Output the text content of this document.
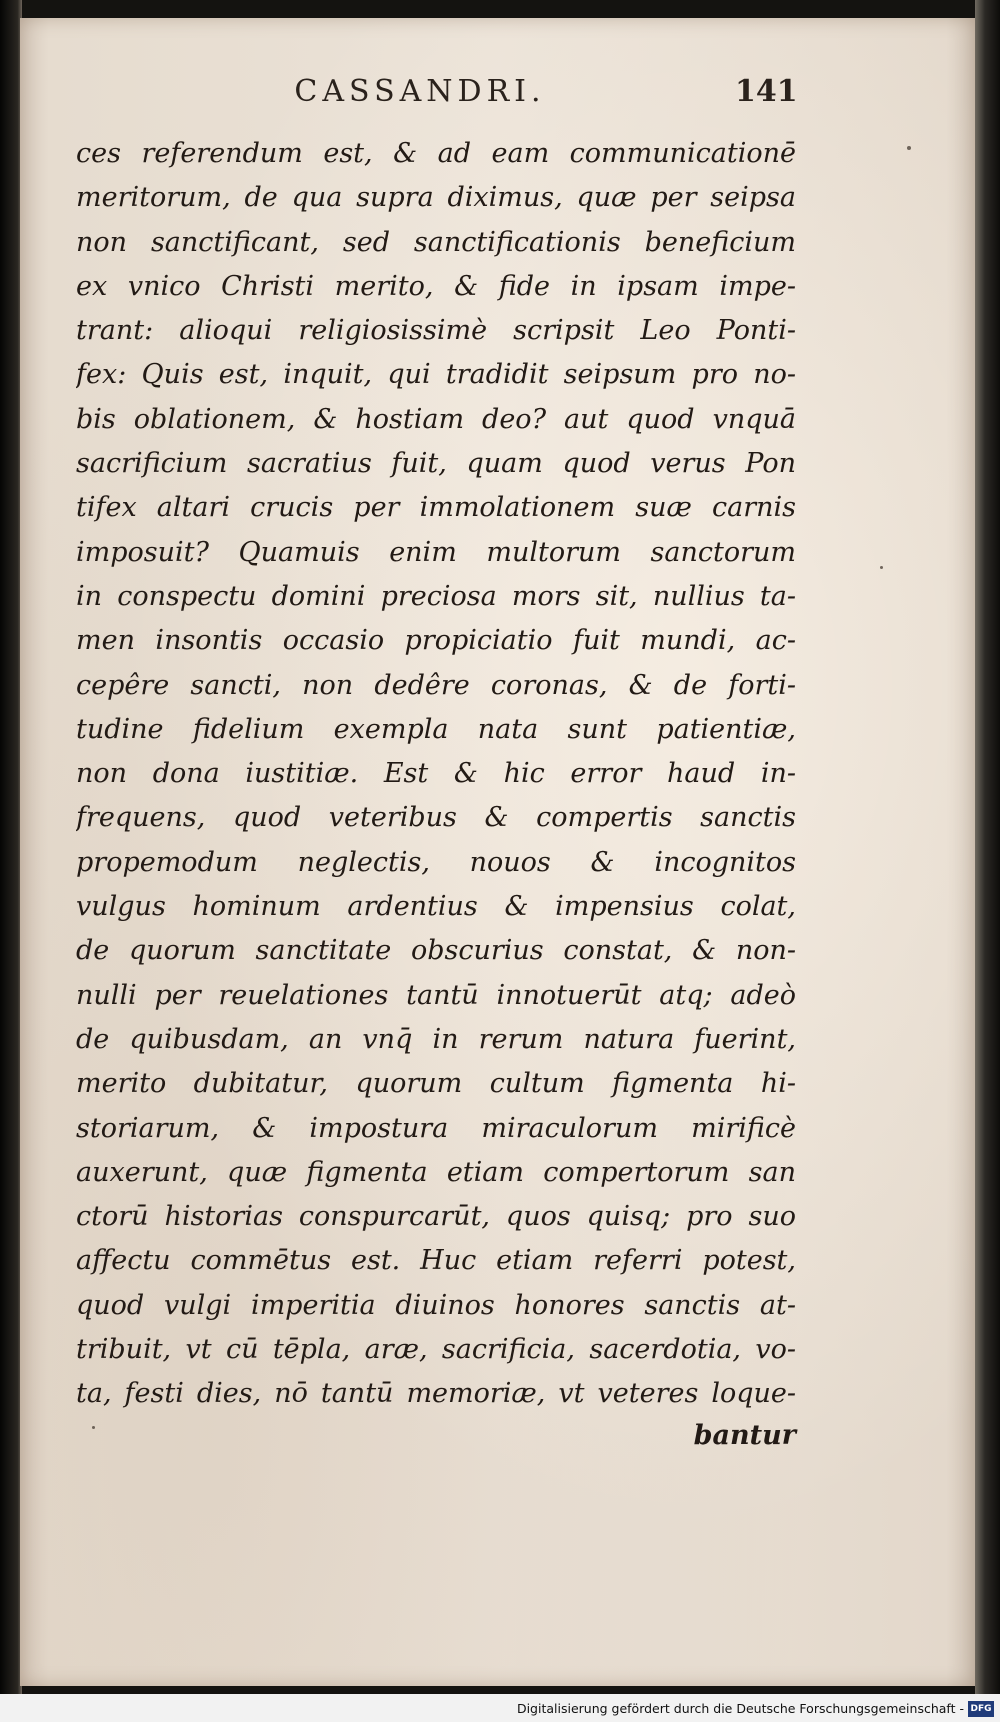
CASSANDRI.	141
ces referendum est, & ad eam communicationē
meritorum, de qua supra diximus, quæ per seipsa
non sanctificant, sed sanctificationis beneficium
ex vnico Christi merito, & fide in ipsam impe-
trant: alioqui religiosissimè scripsit Leo Ponti-
fex: Quis est, inquit, qui tradidit seipsum pro no-
bis oblationem, & hostiam deo? aut quod vnquā
sacrificium sacratius fuit, quam quod verus Pon
tifex altari crucis per immolationem suæ carnis
imposuit? Quamuis enim multorum sanctorum
in conspectu domini preciosa mors sit, nullius ta-
men insontis occasio propiciatio fuit mundi, ac-
cepêre sancti, non dedêre coronas, & de forti-
tudine fidelium exempla nata sunt patientiæ,
non dona iustitiæ. Est & hic error haud in-
frequens, quod veteribus & compertis sanctis
propemodum neglectis, nouos & incognitos
vulgus hominum ardentius & impensius colat,
de quorum sanctitate obscurius constat, & non-
nulli per reuelationes tantū innotuerūt atq; adeò
de quibusdam, an vnq̄ in rerum natura fuerint,
merito dubitatur, quorum cultum figmenta hi-
storiarum, & impostura miraculorum mirificè
auxerunt, quæ figmenta etiam compertorum san
ctorū historias conspurcarūt, quos quisq; pro suo
affectu commētus est. Huc etiam referri potest,
quod vulgi imperitia diuinos honores sanctis at-
tribuit, vt cū tēpla, aræ, sacrificia, sacerdotia, vo-
ta, festi dies, nō tantū memoriæ, vt veteres loque-
bantur
Digitalisierung gefördert durch die Deutsche Forschungsgemeinschaft - DFG
